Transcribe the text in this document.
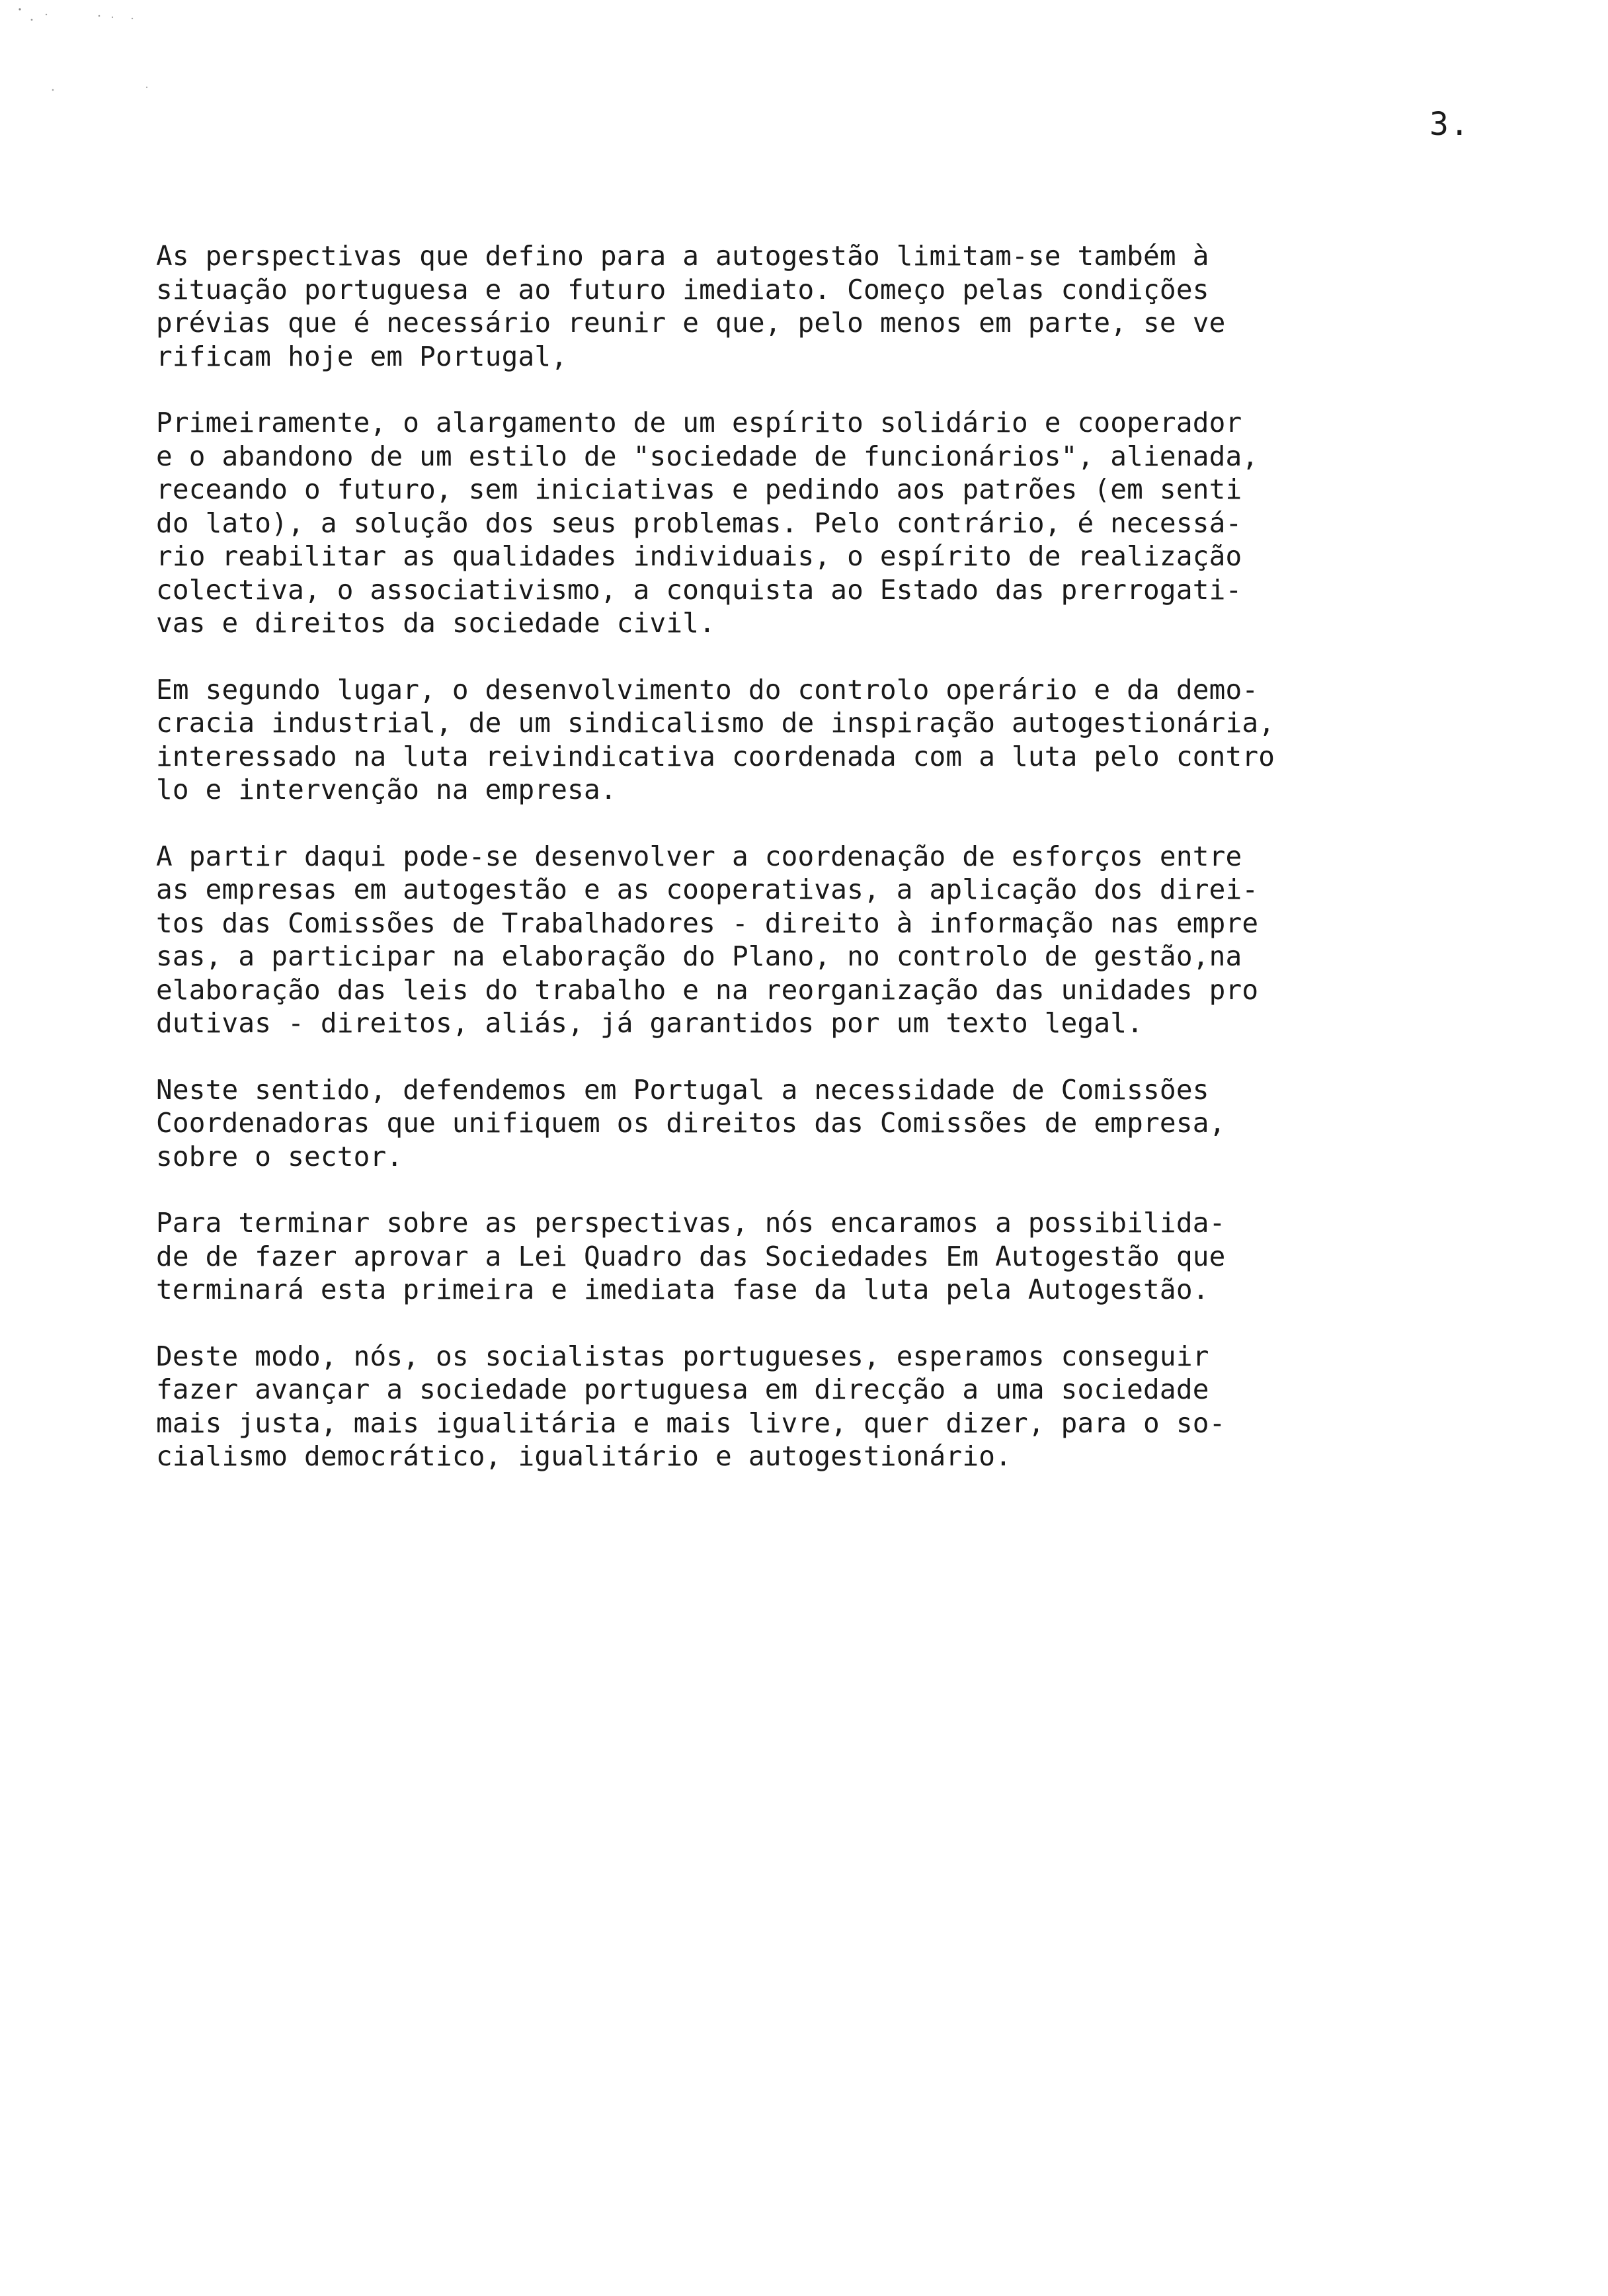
3.

As perspectivas que defino para a autogestão limitam-se também à
situação portuguesa e ao futuro imediato. Começo pelas condições
prévias que é necessário reunir e que, pelo menos em parte, se ve
rificam hoje em Portugal,

Primeiramente, o alargamento de um espírito solidário e cooperador
e o abandono de um estilo de "sociedade de funcionários", alienada,
receando o futuro, sem iniciativas e pedindo aos patrões (em senti
do lato), a solução dos seus problemas. Pelo contrário, é necessá-
rio reabilitar as qualidades individuais, o espírito de realização
colectiva, o associativismo, a conquista ao Estado das prerrogati-
vas e direitos da sociedade civil.

Em segundo lugar, o desenvolvimento do controlo operário e da demo-
cracia industrial, de um sindicalismo de inspiração autogestionária,
interessado na luta reivindicativa coordenada com a luta pelo contro
lo e intervenção na empresa.

A partir daqui pode-se desenvolver a coordenação de esforços entre
as empresas em autogestão e as cooperativas, a aplicação dos direi-
tos das Comissões de Trabalhadores - direito à informação nas empre
sas, a participar na elaboração do Plano, no controlo de gestão,na
elaboração das leis do trabalho e na reorganização das unidades pro
dutivas - direitos, aliás, já garantidos por um texto legal.

Neste sentido, defendemos em Portugal a necessidade de Comissões
Coordenadoras que unifiquem os direitos das Comissões de empresa,
sobre o sector.

Para terminar sobre as perspectivas, nós encaramos a possibilida-
de de fazer aprovar a Lei Quadro das Sociedades Em Autogestão que
terminará esta primeira e imediata fase da luta pela Autogestão.

Deste modo, nós, os socialistas portugueses, esperamos conseguir
fazer avançar a sociedade portuguesa em direcção a uma sociedade
mais justa, mais igualitária e mais livre, quer dizer, para o so-
cialismo democrático, igualitário e autogestionário.
